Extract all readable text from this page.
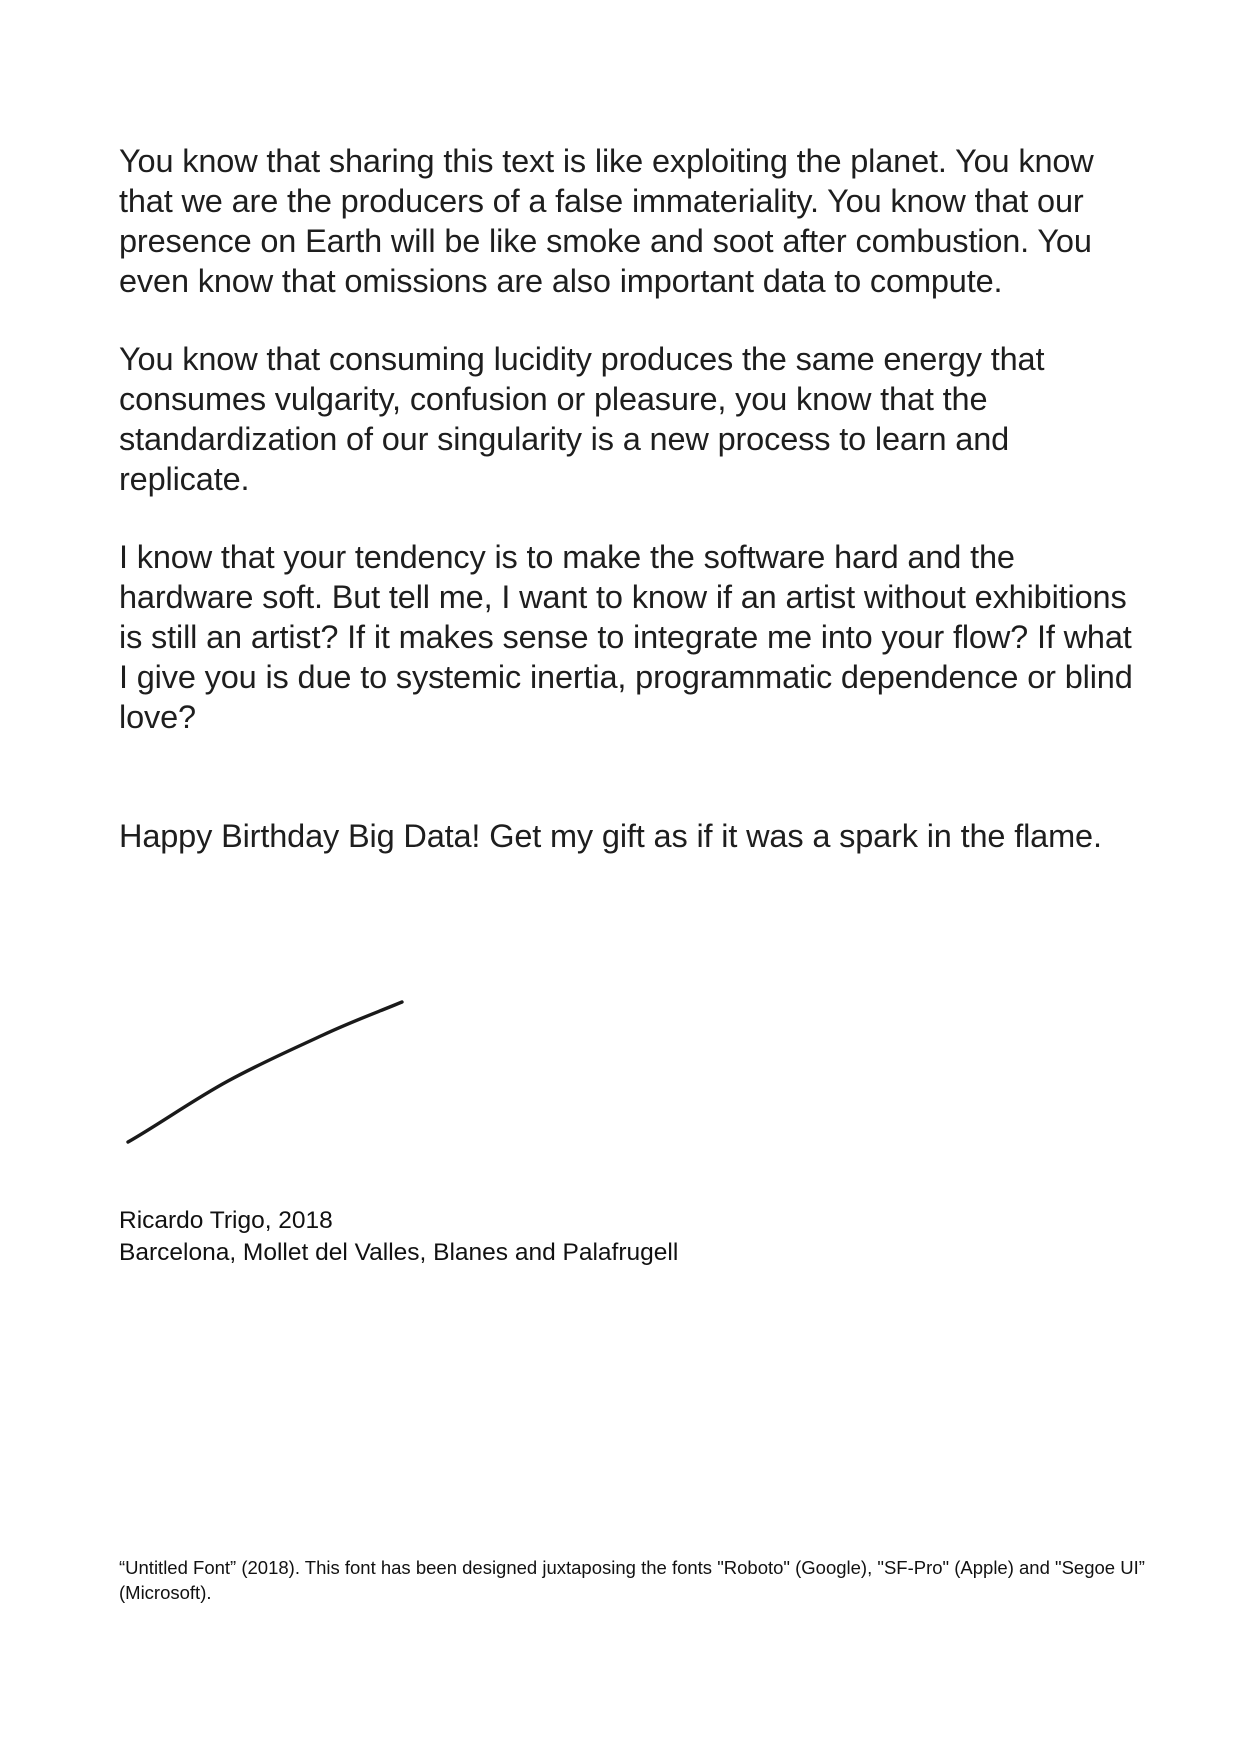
You know that sharing this text is like exploiting the planet. You know that we are the producers of a false immateriality. You know that our presence on Earth will be like smoke and soot after combustion. You even know that omissions are also important data to compute.

You know that consuming lucidity produces the same energy that consumes vulgarity, confusion or pleasure, you know that the standardization of our singularity is a new process to learn and replicate.

I know that your tendency is to make the software hard and the hardware soft. But tell me, I want to know if an artist without exhibitions is still an artist? If it makes sense to integrate me into your flow? If what I give you is due to systemic inertia, programmatic dependence or blind love?

Happy Birthday Big Data! Get my gift as if it was a spark in the flame.

Ricardo Trigo, 2018
Barcelona, Mollet del Valles, Blanes and Palafrugell
“Untitled Font” (2018). This font has been designed juxtaposing the fonts "Roboto" (Google), "SF-Pro" (Apple) and "Segoe UI” (Microsoft).
